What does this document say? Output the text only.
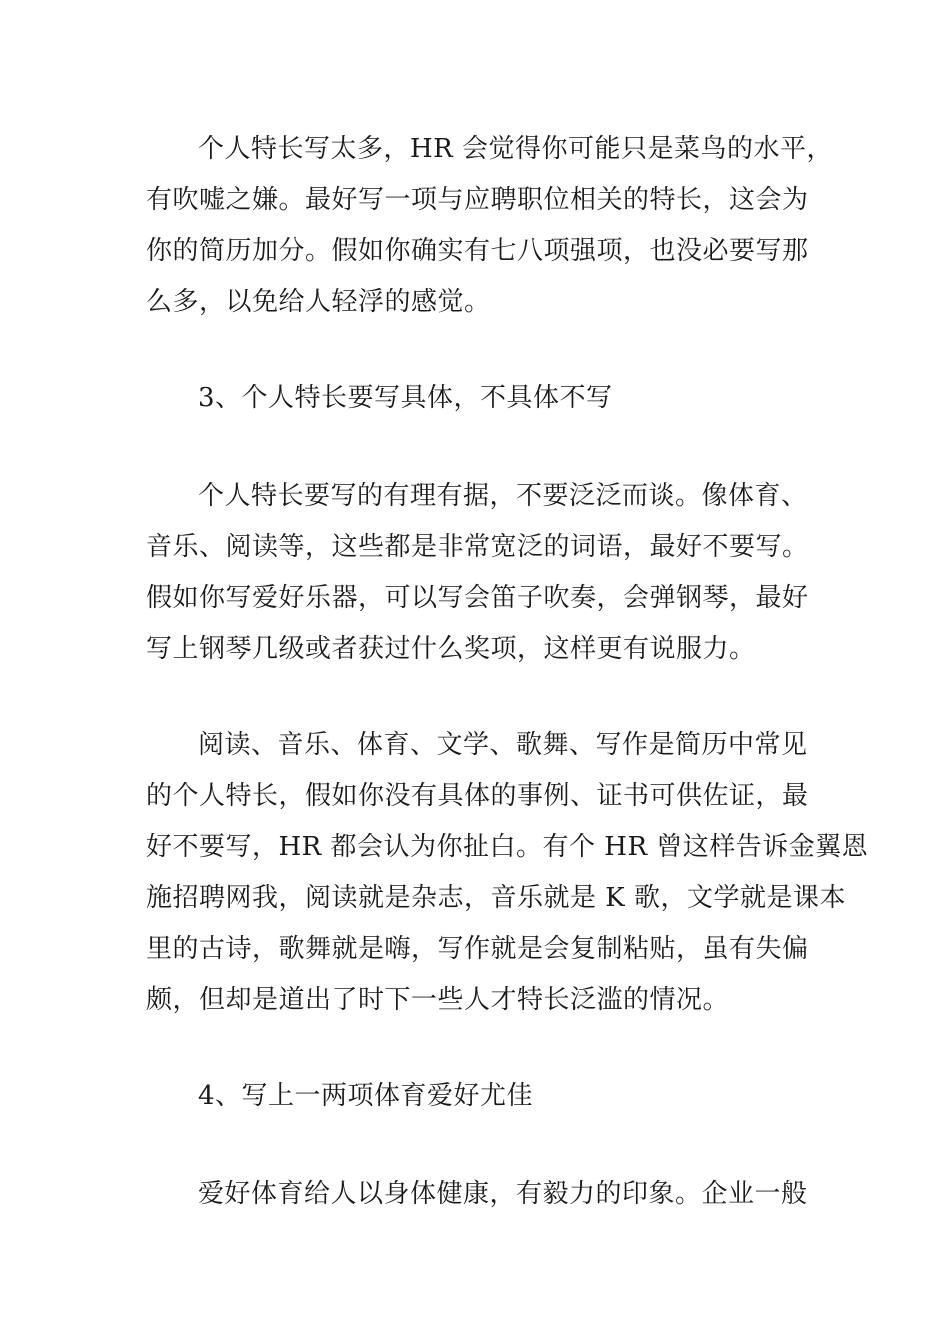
个人特长写太多，HR 会觉得你可能只是菜鸟的水平，

有吹嘘之嫌。最好写一项与应聘职位相关的特长，这会为

你的简历加分。假如你确实有七八项强项，也没必要写那

么多，以免给人轻浮的感觉。

3、个人特长要写具体，不具体不写

个人特长要写的有理有据，不要泛泛而谈。像体育、

音乐、阅读等，这些都是非常宽泛的词语，最好不要写。

假如你写爱好乐器，可以写会笛子吹奏，会弹钢琴，最好

写上钢琴几级或者获过什么奖项，这样更有说服力。

阅读、音乐、体育、文学、歌舞、写作是简历中常见

的个人特长，假如你没有具体的事例、证书可供佐证，最

好不要写，HR 都会认为你扯白。有个 HR 曾这样告诉金翼恩

施招聘网我，阅读就是杂志，音乐就是 K 歌，文学就是课本

里的古诗，歌舞就是嗨，写作就是会复制粘贴，虽有失偏

颇，但却是道出了时下一些人才特长泛滥的情况。

4、写上一两项体育爱好尤佳

爱好体育给人以身体健康，有毅力的印象。企业一般
